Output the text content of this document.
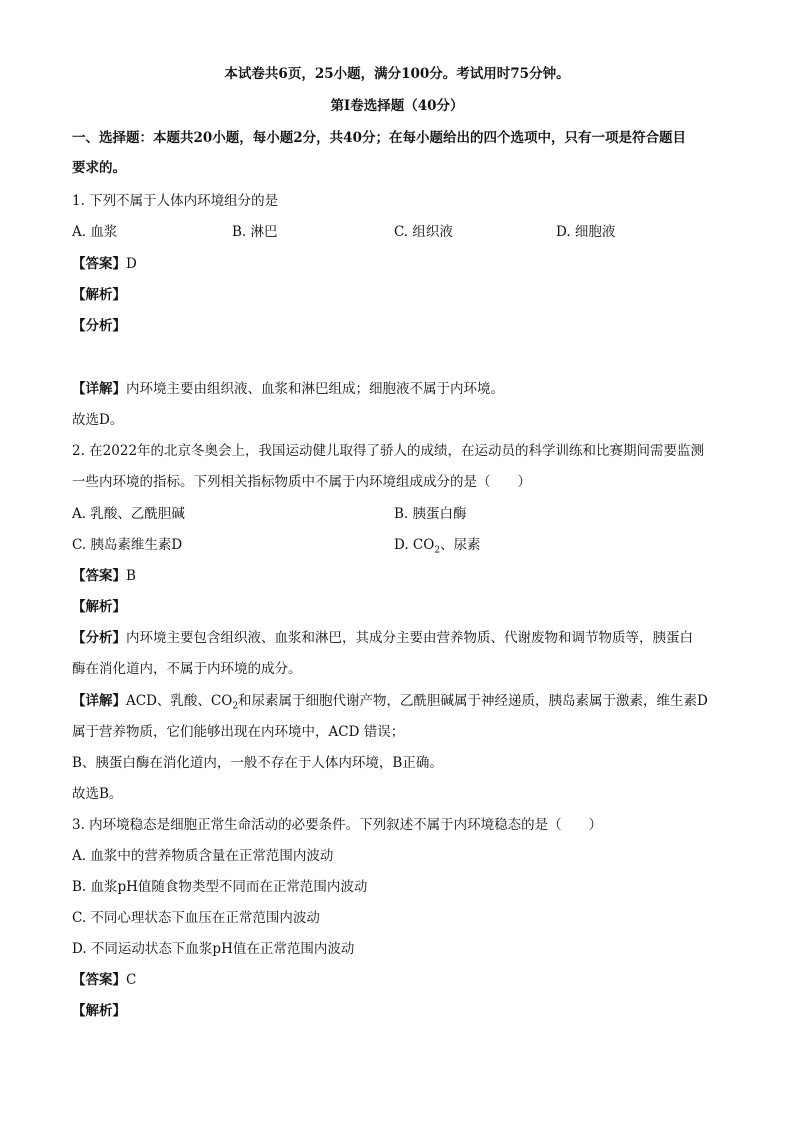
本试卷共6页，25小题，满分100分。考试用时75分钟。
第I卷选择题（40分）
一、选择题：本题共20小题，每小题2分，共40分；在每小题给出的四个选项中，只有一项是符合题目
要求的。
1. 下列不属于人体内环境组分的是
A. 血浆	B. 淋巴	C. 组织液	D. 细胞液
【答案】D
【解析】
【分析】
【详解】内环境主要由组织液、血浆和淋巴组成；细胞液不属于内环境。
故选D。
2. 在2022年的北京冬奥会上，我国运动健儿取得了骄人的成绩，在运动员的科学训练和比赛期间需要监测
一些内环境的指标。下列相关指标物质中不属于内环境组成成分的是（　　）
A. 乳酸、乙酰胆碱	B. 胰蛋白酶
C. 胰岛素维生素D	D. $CO_2$、尿素
【答案】B
【解析】
【分析】内环境主要包含组织液、血浆和淋巴，其成分主要由营养物质、代谢废物和调节物质等，胰蛋白
酶在消化道内，不属于内环境的成分。
【详解】ACD、乳酸、$CO_2$和尿素属于细胞代谢产物，乙酰胆碱属于神经递质，胰岛素属于激素，维生素D
属于营养物质，它们能够出现在内环境中，ACD 错误；
B、胰蛋白酶在消化道内，一般不存在于人体内环境，B正确。
故选B。
3. 内环境稳态是细胞正常生命活动的必要条件。下列叙述不属于内环境稳态的是（　　）
A. 血浆中的营养物质含量在正常范围内波动
B. 血浆pH值随食物类型不同而在正常范围内波动
C. 不同心理状态下血压在正常范围内波动
D. 不同运动状态下血浆pH值在正常范围内波动
【答案】C
【解析】
